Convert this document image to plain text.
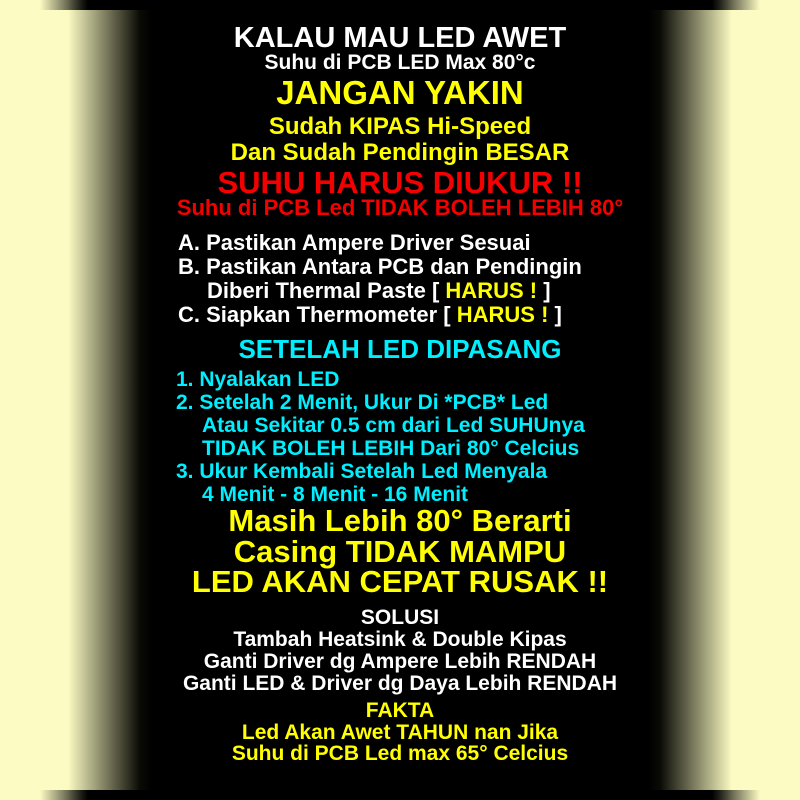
KALAU MAU LED AWET
Suhu di PCB LED Max 80°c
JANGAN YAKIN
Sudah KIPAS Hi-Speed
Dan Sudah Pendingin BESAR
SUHU HARUS DIUKUR !!
Suhu di PCB Led TIDAK BOLEH LEBIH 80°
A. Pastikan Ampere Driver Sesuai
B. Pastikan Antara PCB dan Pendingin
Diberi Thermal Paste [ HARUS ! ]
C. Siapkan Thermometer [ HARUS ! ]
SETELAH LED DIPASANG
1. Nyalakan LED
2. Setelah 2 Menit, Ukur Di *PCB* Led
Atau Sekitar 0.5 cm dari Led SUHUnya
TIDAK BOLEH LEBIH Dari 80° Celcius
3. Ukur Kembali Setelah Led Menyala
4 Menit - 8 Menit - 16 Menit
Masih Lebih 80° Berarti
Casing TIDAK MAMPU
LED AKAN CEPAT RUSAK !!
SOLUSI
Tambah Heatsink & Double Kipas
Ganti Driver dg Ampere Lebih RENDAH
Ganti LED & Driver dg Daya Lebih RENDAH
FAKTA
Led Akan Awet TAHUN nan Jika
Suhu di PCB Led max 65° Celcius
